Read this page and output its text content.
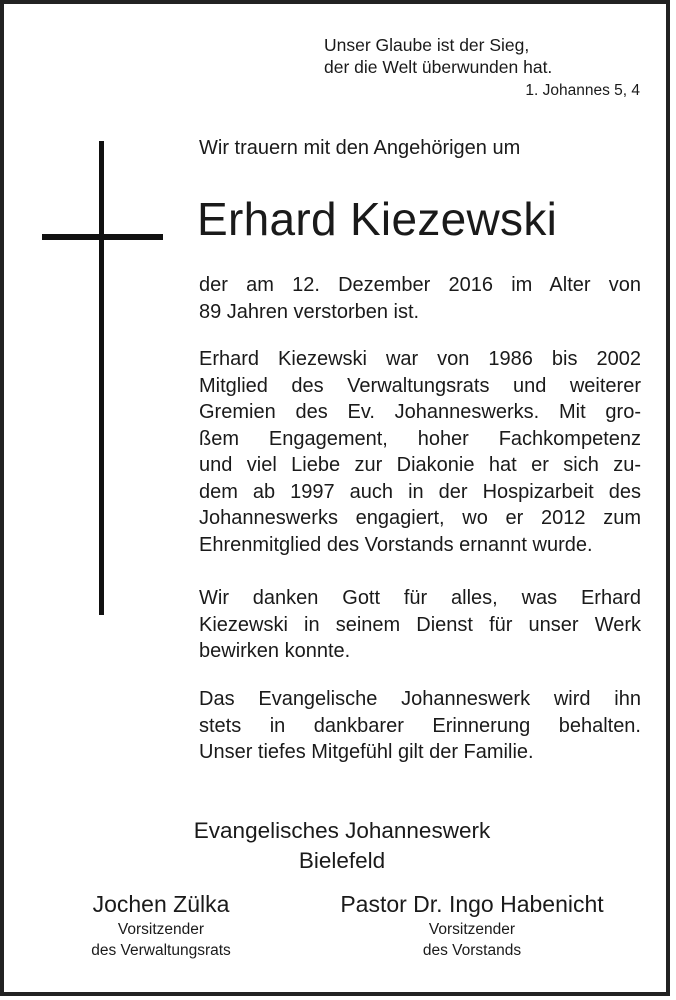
Unser Glaube ist der Sieg,
der die Welt überwunden hat.
1. Johannes 5, 4
Wir trauern mit den Angehörigen um
Erhard Kiezewski
der am 12. Dezember 2016 im Alter von
89 Jahren verstorben ist.
Erhard Kiezewski war von 1986 bis 2002
Mitglied des Verwaltungsrats und weiterer
Gremien des Ev. Johanneswerks. Mit gro-
ßem Engagement, hoher Fachkompetenz
und viel Liebe zur Diakonie hat er sich zu-
dem ab 1997 auch in der Hospizarbeit des
Johanneswerks engagiert, wo er 2012 zum
Ehrenmitglied des Vorstands ernannt wurde.
Wir danken Gott für alles, was Erhard
Kiezewski in seinem Dienst für unser Werk
bewirken konnte.
Das Evangelische Johanneswerk wird ihn
stets in dankbarer Erinnerung behalten.
Unser tiefes Mitgefühl gilt der Familie.
Evangelisches Johanneswerk
Bielefeld
Jochen Zülka
Vorsitzender
des Verwaltungsrats
Pastor Dr. Ingo Habenicht
Vorsitzender
des Vorstands
